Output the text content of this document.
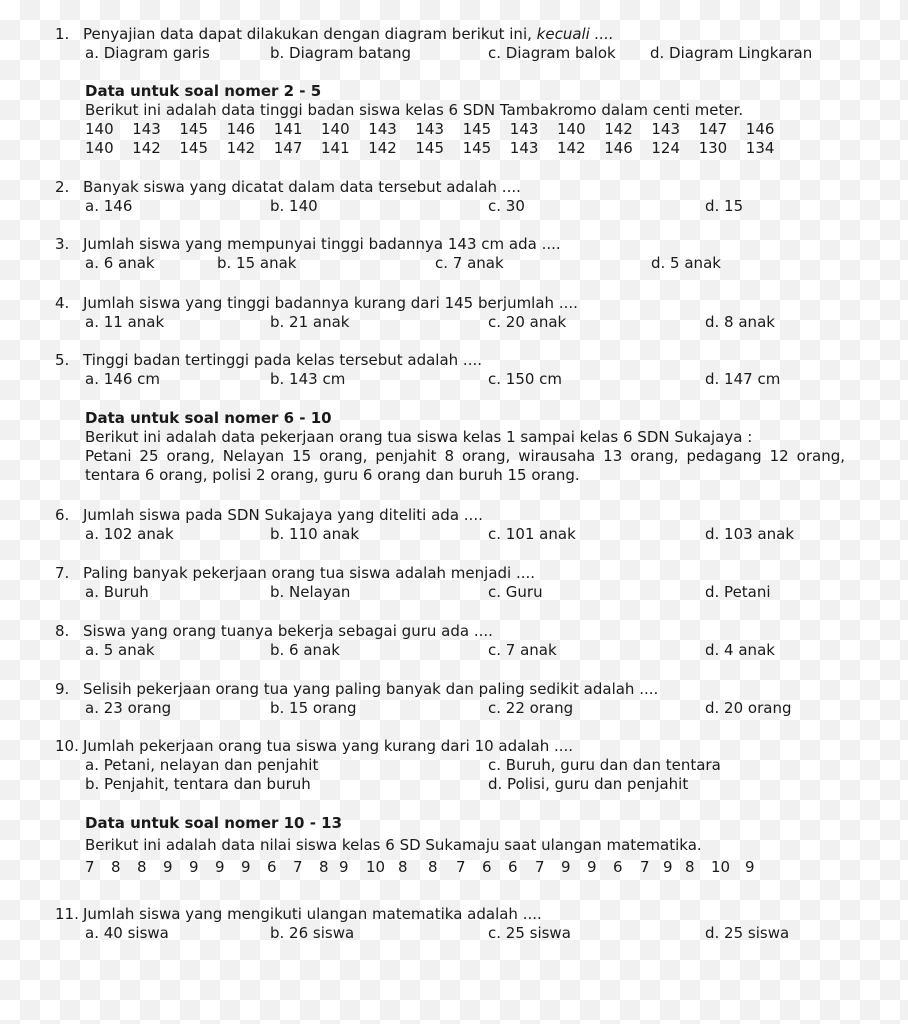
1. Penyajian data dapat dilakukan dengan diagram berikut ini, kecuali ....
a. Diagram garis	b. Diagram batang	c. Diagram balok d. Diagram Lingkaran
Data untuk soal nomer 2 - 5
Berikut ini adalah data tinggi badan siswa kelas 6 SDN Tambakromo dalam centi meter.
140 143 145 146 141 140 143 143 145 143 140 142 143 147 146
140 142 145 142 147 141 142 145 145 143 142 146 124 130 134
2. Banyak siswa yang dicatat dalam data tersebut adalah ....
a. 146	b. 140	c. 30	d. 15
3. Jumlah siswa yang mempunyai tinggi badannya 143 cm ada ....
a. 6 anak	b. 15 anak	c. 7 anak	d. 5 anak
4. Jumlah siswa yang tinggi badannya kurang dari 145 berjumlah ....
a. 11 anak	b. 21 anak	c. 20 anak	d. 8 anak
5. Tinggi badan tertinggi pada kelas tersebut adalah ....
a. 146 cm	b. 143 cm	c. 150 cm	d. 147 cm
Data untuk soal nomer 6 - 10
Berikut ini adalah data pekerjaan orang tua siswa kelas 1 sampai kelas 6 SDN Sukajaya :
Petani 25 orang, Nelayan 15 orang, penjahit 8 orang, wirausaha 13 orang, pedagang 12 orang, tentara 6 orang, polisi 2 orang, guru 6 orang dan buruh 15 orang.
6. Jumlah siswa pada SDN Sukajaya yang diteliti ada ....
a. 102 anak	b. 110 anak	c. 101 anak	d. 103 anak
7. Paling banyak pekerjaan orang tua siswa adalah menjadi ....
a. Buruh	b. Nelayan	c. Guru	d. Petani
8. Siswa yang orang tuanya bekerja sebagai guru ada ....
a. 5 anak	b. 6 anak	c. 7 anak	d. 4 anak
9. Selisih pekerjaan orang tua yang paling banyak dan paling sedikit adalah ....
a. 23 orang	b. 15 orang	c. 22 orang	d. 20 orang
10. Jumlah pekerjaan orang tua siswa yang kurang dari 10 adalah ....
a. Petani, nelayan dan penjahit	c. Buruh, guru dan dan tentara
b. Penjahit, tentara dan buruh	d. Polisi, guru dan penjahit
Data untuk soal nomer 10 - 13
Berikut ini adalah data nilai siswa kelas 6 SD Sukamaju saat ulangan matematika.
7 8 8 9 9 9 9 6 7 8 9 10 8 8 7 6 6 7 9 9 6 7 9 8 10 9
11. Jumlah siswa yang mengikuti ulangan matematika adalah ....
a. 40 siswa	b. 26 siswa	c. 25 siswa	d. 25 siswa
